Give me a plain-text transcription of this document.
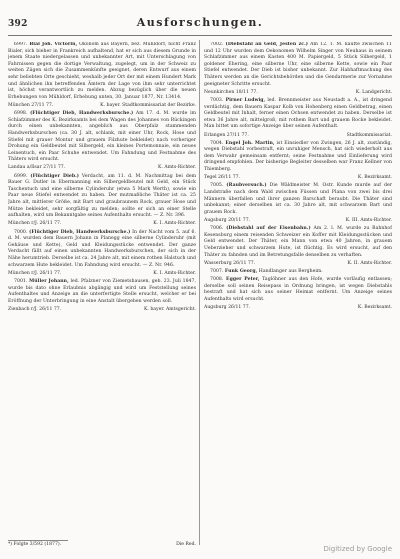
392	Ausforschungen.

6997. Bial Joh. Victorin, Ökonom aus Bayern, bez. Mühldorf, nicht Franz Bialer, sich bieher in Frankreich aufhaltend, hat er sich aus diesem Grunde in jenem Staate niedergelassen und unbekannter Art, mit Unterschlagung von Fahrnissen gegen die dortige Verwaltung, zugelegt, um in der Schweiz zu weiten Zügen sich die Zusammenkünfte geeignet, deren Entwurf aus einem sehr beliebten Orte geschieht, weshalb jeder Ort der mit einem Hundert Mark und ähnlichen ihn betreffenden Ämtern der Lage von ihm sehr unterrichtet ist, höchst verantwortlich zu melden. Abzug bezüglich über die neuen Erhebungen von Mühldorf, Erhebung unten, 30. Januar 1877, Nr. 13414.

München 27/11 77.	K. bayer. Stadtkommissariat der Bezirke.

6998. (Flüchtiger Dieb, Handwerksbursche.) Am 17. d. M. wurde im Schlafzimmer des K. Bezirksamts bei dem Wagen des Johannes von Rückingen durch einen unbekannten, angeblich aus Oberpfalz stammenden Handwerksburschen (ca. 30 J. alt, schlank, mit einer Uhr, Rock, Hose und Stiefel mit grauer Montur und grauem Filzhute bekleidet) nach vorheriger Drohung ein Geldbeutel mit Silbergeld, ein kleines Portemonnaie, ein neues Leinentuch, ein Paar Schuhe entwendet. Um Fahndung und Festnahme des Thäters wird ersucht.

Landau a/Ilsar 27/11 77.	K. Amts-Richter.

6999. (Flüchtiger Dieb.) Verdacht, am 11. d. M. Nachmittag bei dem Bauer G. Dutler in Ebermanning ein Silbergeldbeutel mit Geld, ein Stück Taschentuch und eine silberne Cylinderuhr (etwa 5 Mark Werth), sowie ein Paar neue Stiefel entwendet zu haben. Der mutmaßliche Thäter ist ca. 25 Jahre alt, mittlerer Größe, mit Bart und graubraunem Rock, grauer Hose und Mütze bekleidet, sehr sorgfältig zu melden; sollte er sich an einer Stelle aufhalten, wird um Bekanntgabe seines Aufenthalts ersucht. — Z. Nr. 396.

München r/J. 26/11 77.	K. I. Amts-Richter.

7000. (Flüchtiger Dieb, Handwerksbursche.) In der Nacht vom 5. auf 6. d. M. wurden dem Bauern Johann in Planegg eine silberne Cylinderuhr (mit Gehäuse und Kette), Geld und Kleidungsstücke entwendet. Der ganze Verdacht fällt auf einen unbekannten Handwerksburschen, der sich in der Nähe herumtrieb. Derselbe ist ca. 24 Jahre alt, mit einem rothen Halstuch und schwarzem Hute bekleidet. Um Fahndung wird ersucht. — Z. Nr. 946.

München r/J. 26/11 77.	K. I. Amts-Richter.

7001. Müller Johann, led. Pfalzner von Ziemetshausen, geb. 23. Juli 1847, wurde bis dato ohne Erlaubnis abgängig und wird um Feststellung seines Aufenthaltes und Anzeige an die unterfertigte Stelle ersucht, welcher er bei Eröffnung der Unterbringung in eine Anstalt übergeben werden soll.

Zienbach r/J. 26/11 77.	K. bayer. Amtsgericht.

7002. (Diebstahl an Geld, Jesten zc.) Am 12. 1. M. kaufte zwischen 11 und 12 Uhr wurden dem Oekonomen Wilhelm Singer von Neuhaus in seinem Schlafzimmer aus einem Kasten 400 M. Papiergeld, 5 Stück Silbergeld, 1 goldener Ehering, eine silberne Uhr, eine silberne Kette, sowie ein Paar Stiefel entwendet. Der Dieb ist bisher unbekannt. Zur Habhaftmachung des Thäters werden an die Gerichtsbehörden und die Gendarmerie zur Vornahme geeigneter Schritte ersucht.

Neunkirchen 18/11 77.	K. Landgericht.

7003. Pirner Ludwig, led. Brennmeister aus Neustadt a. A., ist dringend verdächtig, dem Bauern Kaspar Kolb von Hohenberg einen Geldbetrag, einen Geldbeutel mit Inhalt, ferner einen Ochsen entwendet zu haben. Derselbe ist etwa 36 Jahre alt, mittelgroß, mit rothem Bart und grauem Rocke bekleidet. Man bittet um sofortige Anzeige über seinen Aufenthalt.

Erlangen 27/11 77.	Stadtkommissariat.

7004. Engel Joh. Martin, ist Einsiedler von Zwingen, 26 J. alt, zuständig, wegen Diebstahl vorbestraft, ein unruhiger Mensch, hat sich wiederholt aus dem Verwahr gemeinsam entfernt; seine Festnahme und Einlieferung wird dringend empfohlen. Der bisherige Begleiter desselben war Franz Kellner von Thiemberg.

Tegel 26/11 77.	K. Bezirksamt.

7005. (Raubversuch.) Die Wäldmeister M. Ostr. Kunde murde auf der Landstraße nach dem Wald zwischen Füssen und Plana von zwei bis drei Männern überfallen und ihrer ganzen Barschaft beraubt. Die Thäter sind unbekannt; einer derselben ist ca. 30 Jahre alt, mit schwarzem Bart und grauem Rock.

Augsburg 20/11 77.	K. III. Amts-Richter.

7006. (Diebstahl auf der Eisenbahn.) Am 2. l. M. wurde zu Bahnhof Kesensburg einem reisenden Schweizer ein Koffer mit Kleidungsstücken und Geld entwendet. Der Thäter, ein Mann von etwa 40 Jahren, in grauem Ueberzieher und schwarzem Hute, ist flüchtig. Es wird ersucht, auf den Thäter zu fahnden und im Betretungsfalle denselben zu verhaften.

Wasserburg 26/11 77.	K. II. Amts-Richter.

7007. Funk Georg, Handlanger aus Bergheim.

7008. Egger Peter, Taglöhner aus den Hofe, wurde vorläufig entlassen; derselbe soll seinen Reisepass in Ordnung bringen, ist wegen Diebstahls bestraft und hat sich aus seiner Heimat entfernt. Um Anzeige seines Aufenthalts wird ersucht.

Augsburg 26/11 77.	K. Bezirksamt.
*) Folgte 3/592 (1877).	Die Red.
Digitized by Google
